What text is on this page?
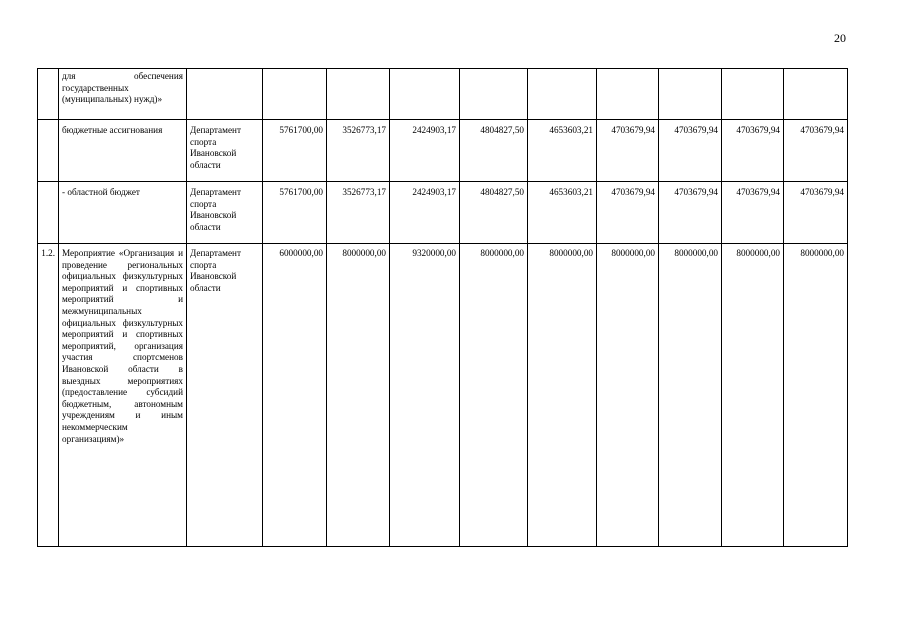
20
	для обеспечения государственных (муниципальных) нужд)»										
	бюджетные ассигнования	Департамент спорта Ивановской области	5761700,00	3526773,17	2424903,17	4804827,50	4653603,21	4703679,94	4703679,94	4703679,94	4703679,94
	- областной бюджет	Департамент спорта Ивановской области	5761700,00	3526773,17	2424903,17	4804827,50	4653603,21	4703679,94	4703679,94	4703679,94	4703679,94
1.2.	Мероприятие «Организация и проведение региональных официальных физкультурных мероприятий и спортивных мероприятий и межмуниципальных официальных физкультурных мероприятий и спортивных мероприятий, организация участия спортсменов Ивановской области в выездных мероприятиях (предоставление субсидий бюджетным, автономным учреждениям и иным некоммерческим организациям)»	Департамент спорта Ивановской области	6000000,00	8000000,00	9320000,00	8000000,00	8000000,00	8000000,00	8000000,00	8000000,00	8000000,00
